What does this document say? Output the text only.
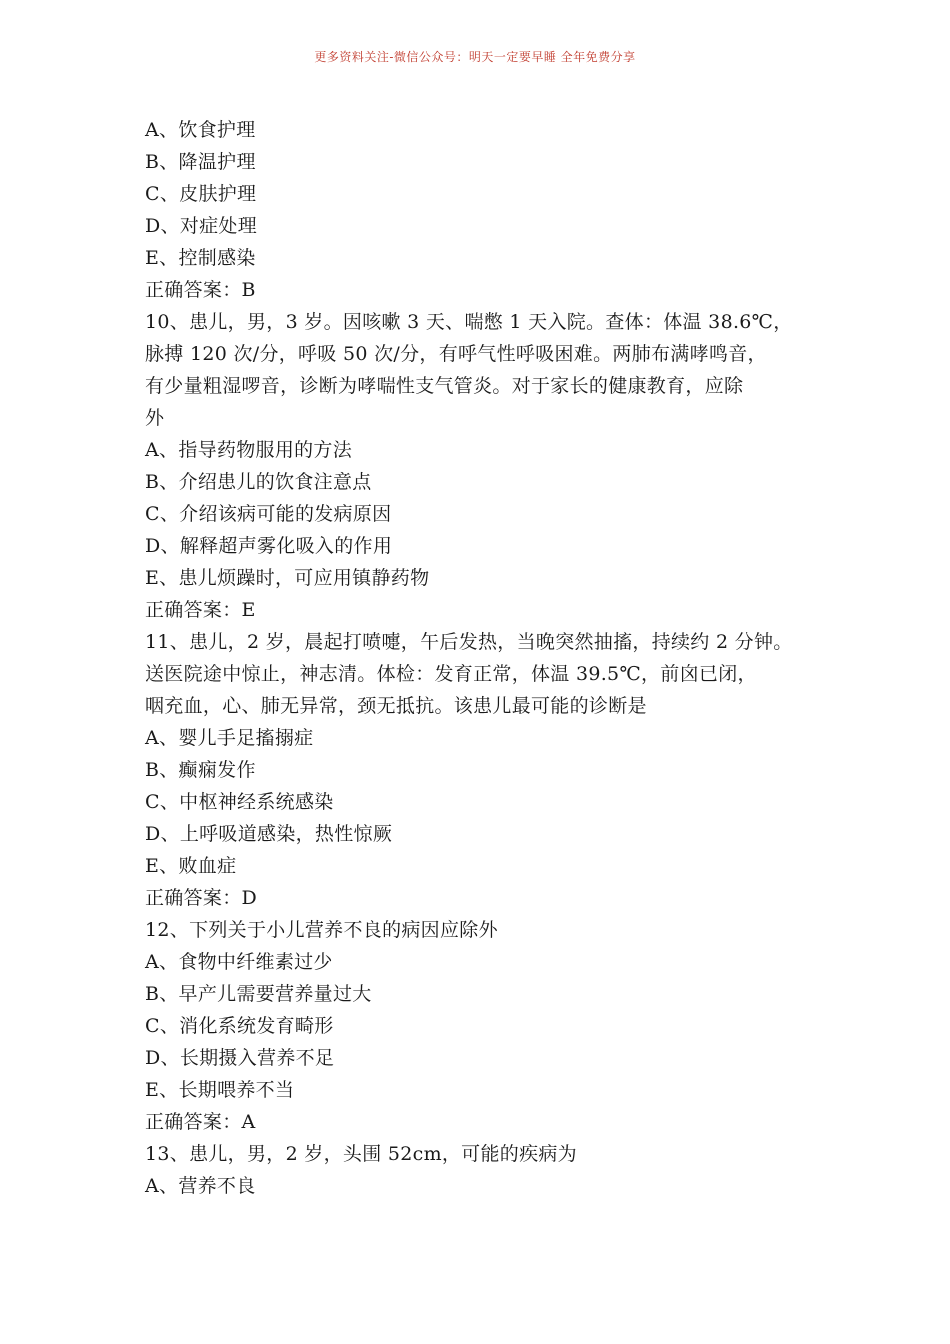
更多资料关注-微信公众号：明天一定要早睡 全年免费分享
A、饮食护理
B、降温护理
C、皮肤护理
D、对症处理
E、控制感染
正确答案：B
10、患儿，男，3 岁。因咳嗽 3 天、喘憋 1 天入院。查体：体温 38.6℃，
脉搏 120 次/分，呼吸 50 次/分，有呼气性呼吸困难。两肺布满哮鸣音，
有少量粗湿啰音，诊断为哮喘性支气管炎。对于家长的健康教育，应除
外
A、指导药物服用的方法
B、介绍患儿的饮食注意点
C、介绍该病可能的发病原因
D、解释超声雾化吸入的作用
E、患儿烦躁时，可应用镇静药物
正确答案：E
11、患儿，2 岁，晨起打喷嚏，午后发热，当晚突然抽搐，持续约 2 分钟。
送医院途中惊止，神志清。体检：发育正常，体温 39.5℃，前囟已闭，
咽充血，心、肺无异常，颈无抵抗。该患儿最可能的诊断是
A、婴儿手足搐搦症
B、癫痫发作
C、中枢神经系统感染
D、上呼吸道感染，热性惊厥
E、败血症
正确答案：D
12、下列关于小儿营养不良的病因应除外
A、食物中纤维素过少
B、早产儿需要营养量过大
C、消化系统发育畸形
D、长期摄入营养不足
E、长期喂养不当
正确答案：A
13、患儿，男，2 岁，头围 52cm，可能的疾病为
A、营养不良
